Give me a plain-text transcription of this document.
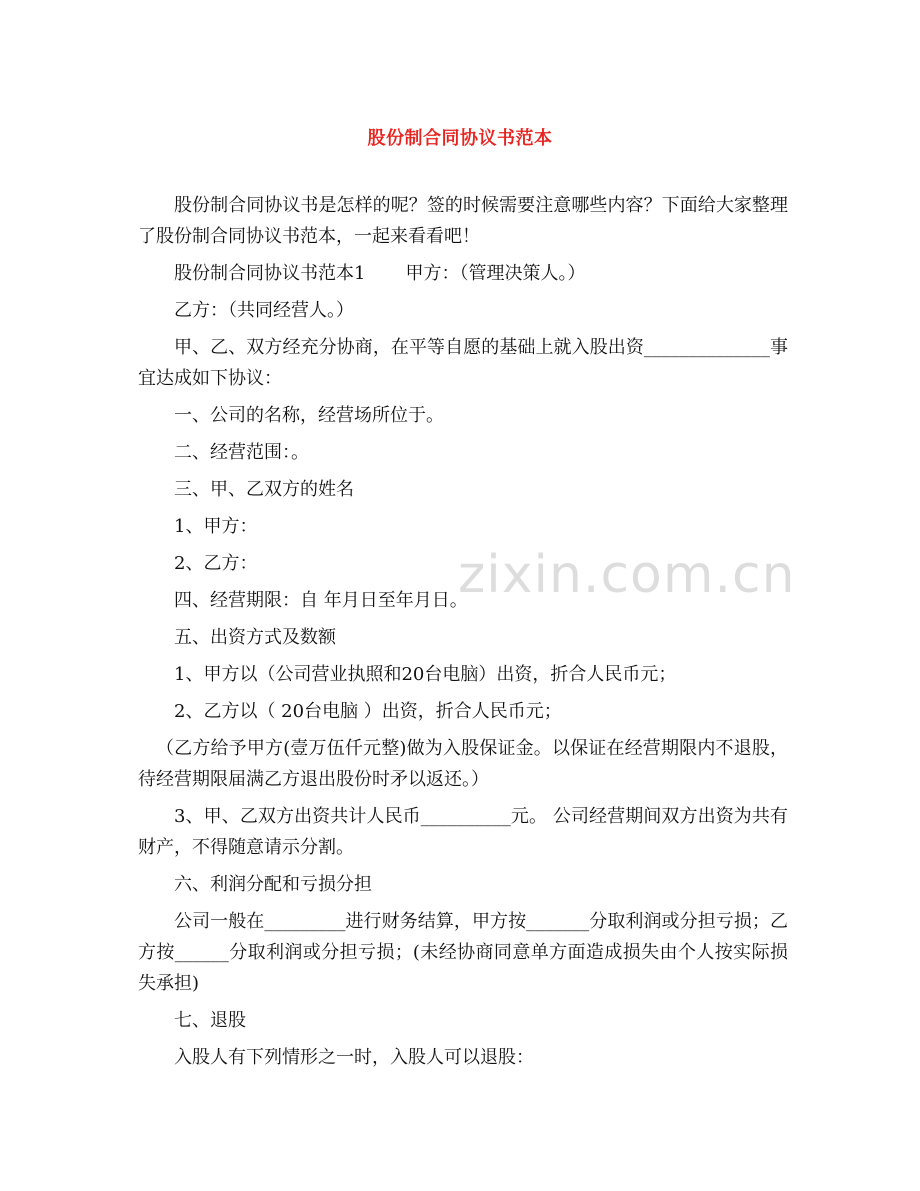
股份制合同协议书范本

股份制合同协议书是怎样的呢？签的时候需要注意哪些内容？下面给大家整理了股份制合同协议书范本，一起来看看吧！

股份制合同协议书范本1 甲方：（管理决策人。）

乙方：（共同经营人。）

甲、乙、双方经充分协商，在平等自愿的基础上就入股出资______________事宜达成如下协议：

一、公司的名称，经营场所位于。

二、经营范围：。

三、甲、乙双方的姓名

1、甲方：

2、乙方：

四、经营期限：自 年月日至年月日。

五、出资方式及数额

1、甲方以（公司营业执照和20台电脑）出资，折合人民币元；

2、乙方以（ 20台电脑 ）出资，折合人民币元；

（乙方给予甲方(壹万伍仟元整)做为入股保证金。以保证在经营期限内不退股，待经营期限届满乙方退出股份时矛以返还。）

3、甲、乙双方出资共计人民币__________元。 公司经营期间双方出资为共有财产，不得随意请示分割。

六、利润分配和亏损分担

公司一般在_________进行财务结算，甲方按_______分取利润或分担亏损；乙方按______分取利润或分担亏损；(未经协商同意单方面造成损失由个人按实际损失承担)

七、退股

入股人有下列情形之一时，入股人可以退股：

zixin.com.cn
